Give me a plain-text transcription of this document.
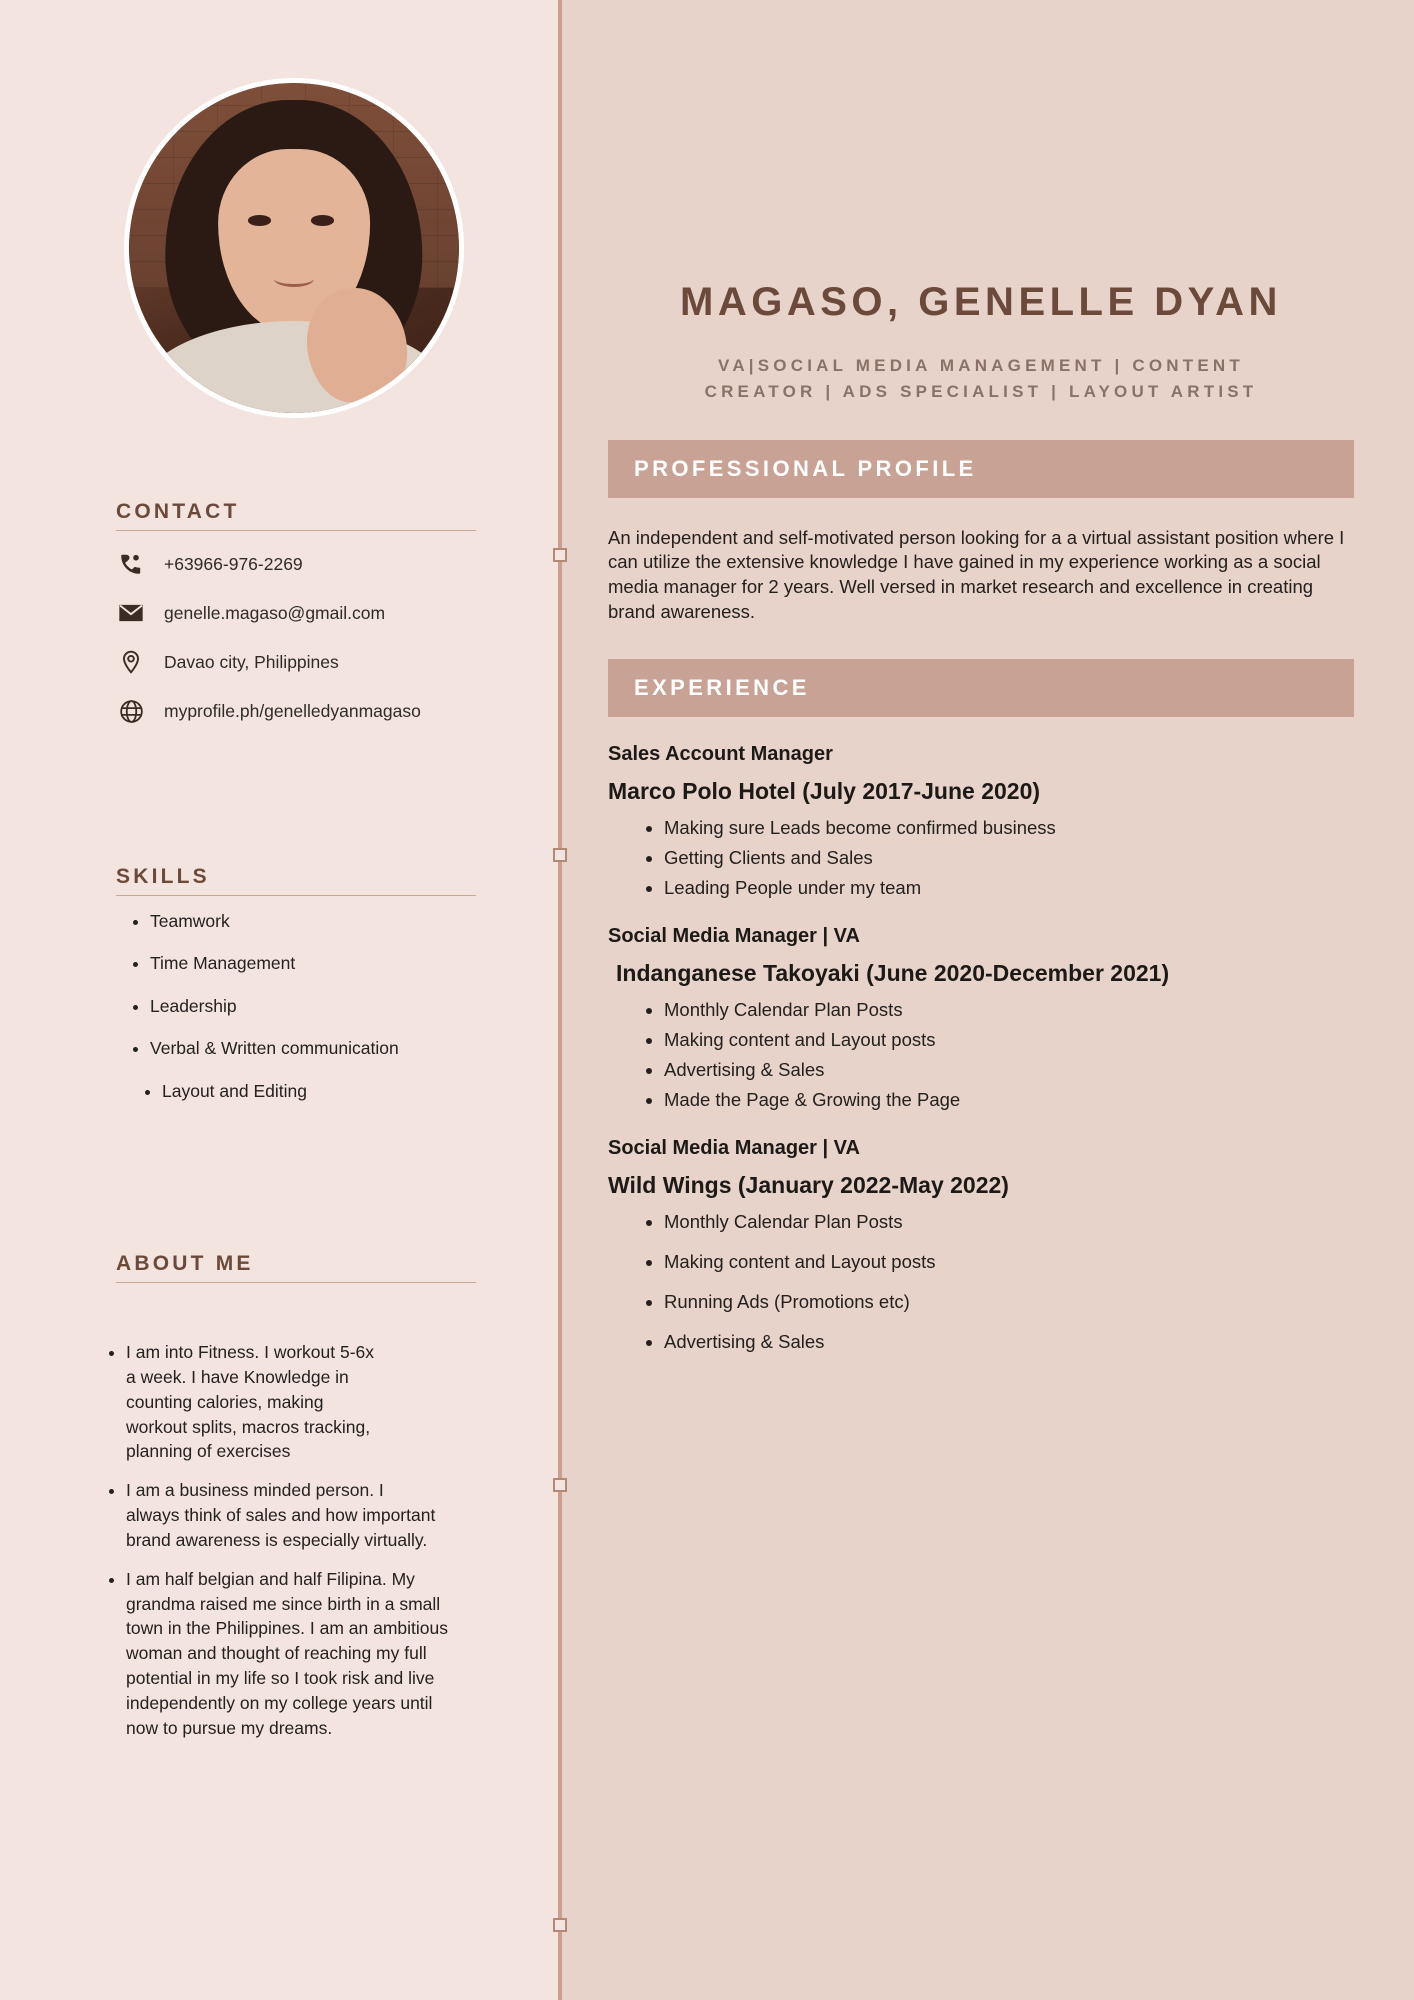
CONTACT
+63966-976-2269
genelle.magaso@gmail.com
Davao city, Philippines
myprofile.ph/genelledyanmagaso
SKILLS
• Teamwork
• Time Management
• Leadership
• Verbal & Written communication
• Layout and Editing
ABOUT ME
• I am into Fitness. I workout 5-6x a week. I have Knowledge in counting calories, making workout splits, macros tracking, planning of exercises
• I am a business minded person. I always think of sales and how important brand awareness is especially virtually.
• I am half belgian and half Filipina. My grandma raised me since birth in a small town in the Philippines. I am an ambitious woman and thought of reaching my full potential in my life so I took risk and live independently on my college years until now to pursue my dreams.
MAGASO, GENELLE DYAN
VA|SOCIAL MEDIA MANAGEMENT | CONTENT CREATOR | ADS SPECIALIST | LAYOUT ARTIST
PROFESSIONAL PROFILE

An independent and self-motivated person looking for a a virtual assistant position where I can utilize the extensive knowledge I have gained in my experience working as a social media manager for 2 years. Well versed in market research and excellence in creating brand awareness.

EXPERIENCE
Sales Account Manager
Marco Polo Hotel (July 2017-June 2020)
• Making sure Leads become confirmed business
• Getting Clients and Sales
• Leading People under my team
Social Media Manager | VA
Indanganese Takoyaki (June 2020-December 2021)
• Monthly Calendar Plan Posts
• Making content and Layout posts
• Advertising & Sales
• Made the Page & Growing the Page
Social Media Manager | VA
Wild Wings (January 2022-May 2022)
• Monthly Calendar Plan Posts
• Making content and Layout posts
• Running Ads (Promotions etc)
• Advertising & Sales
